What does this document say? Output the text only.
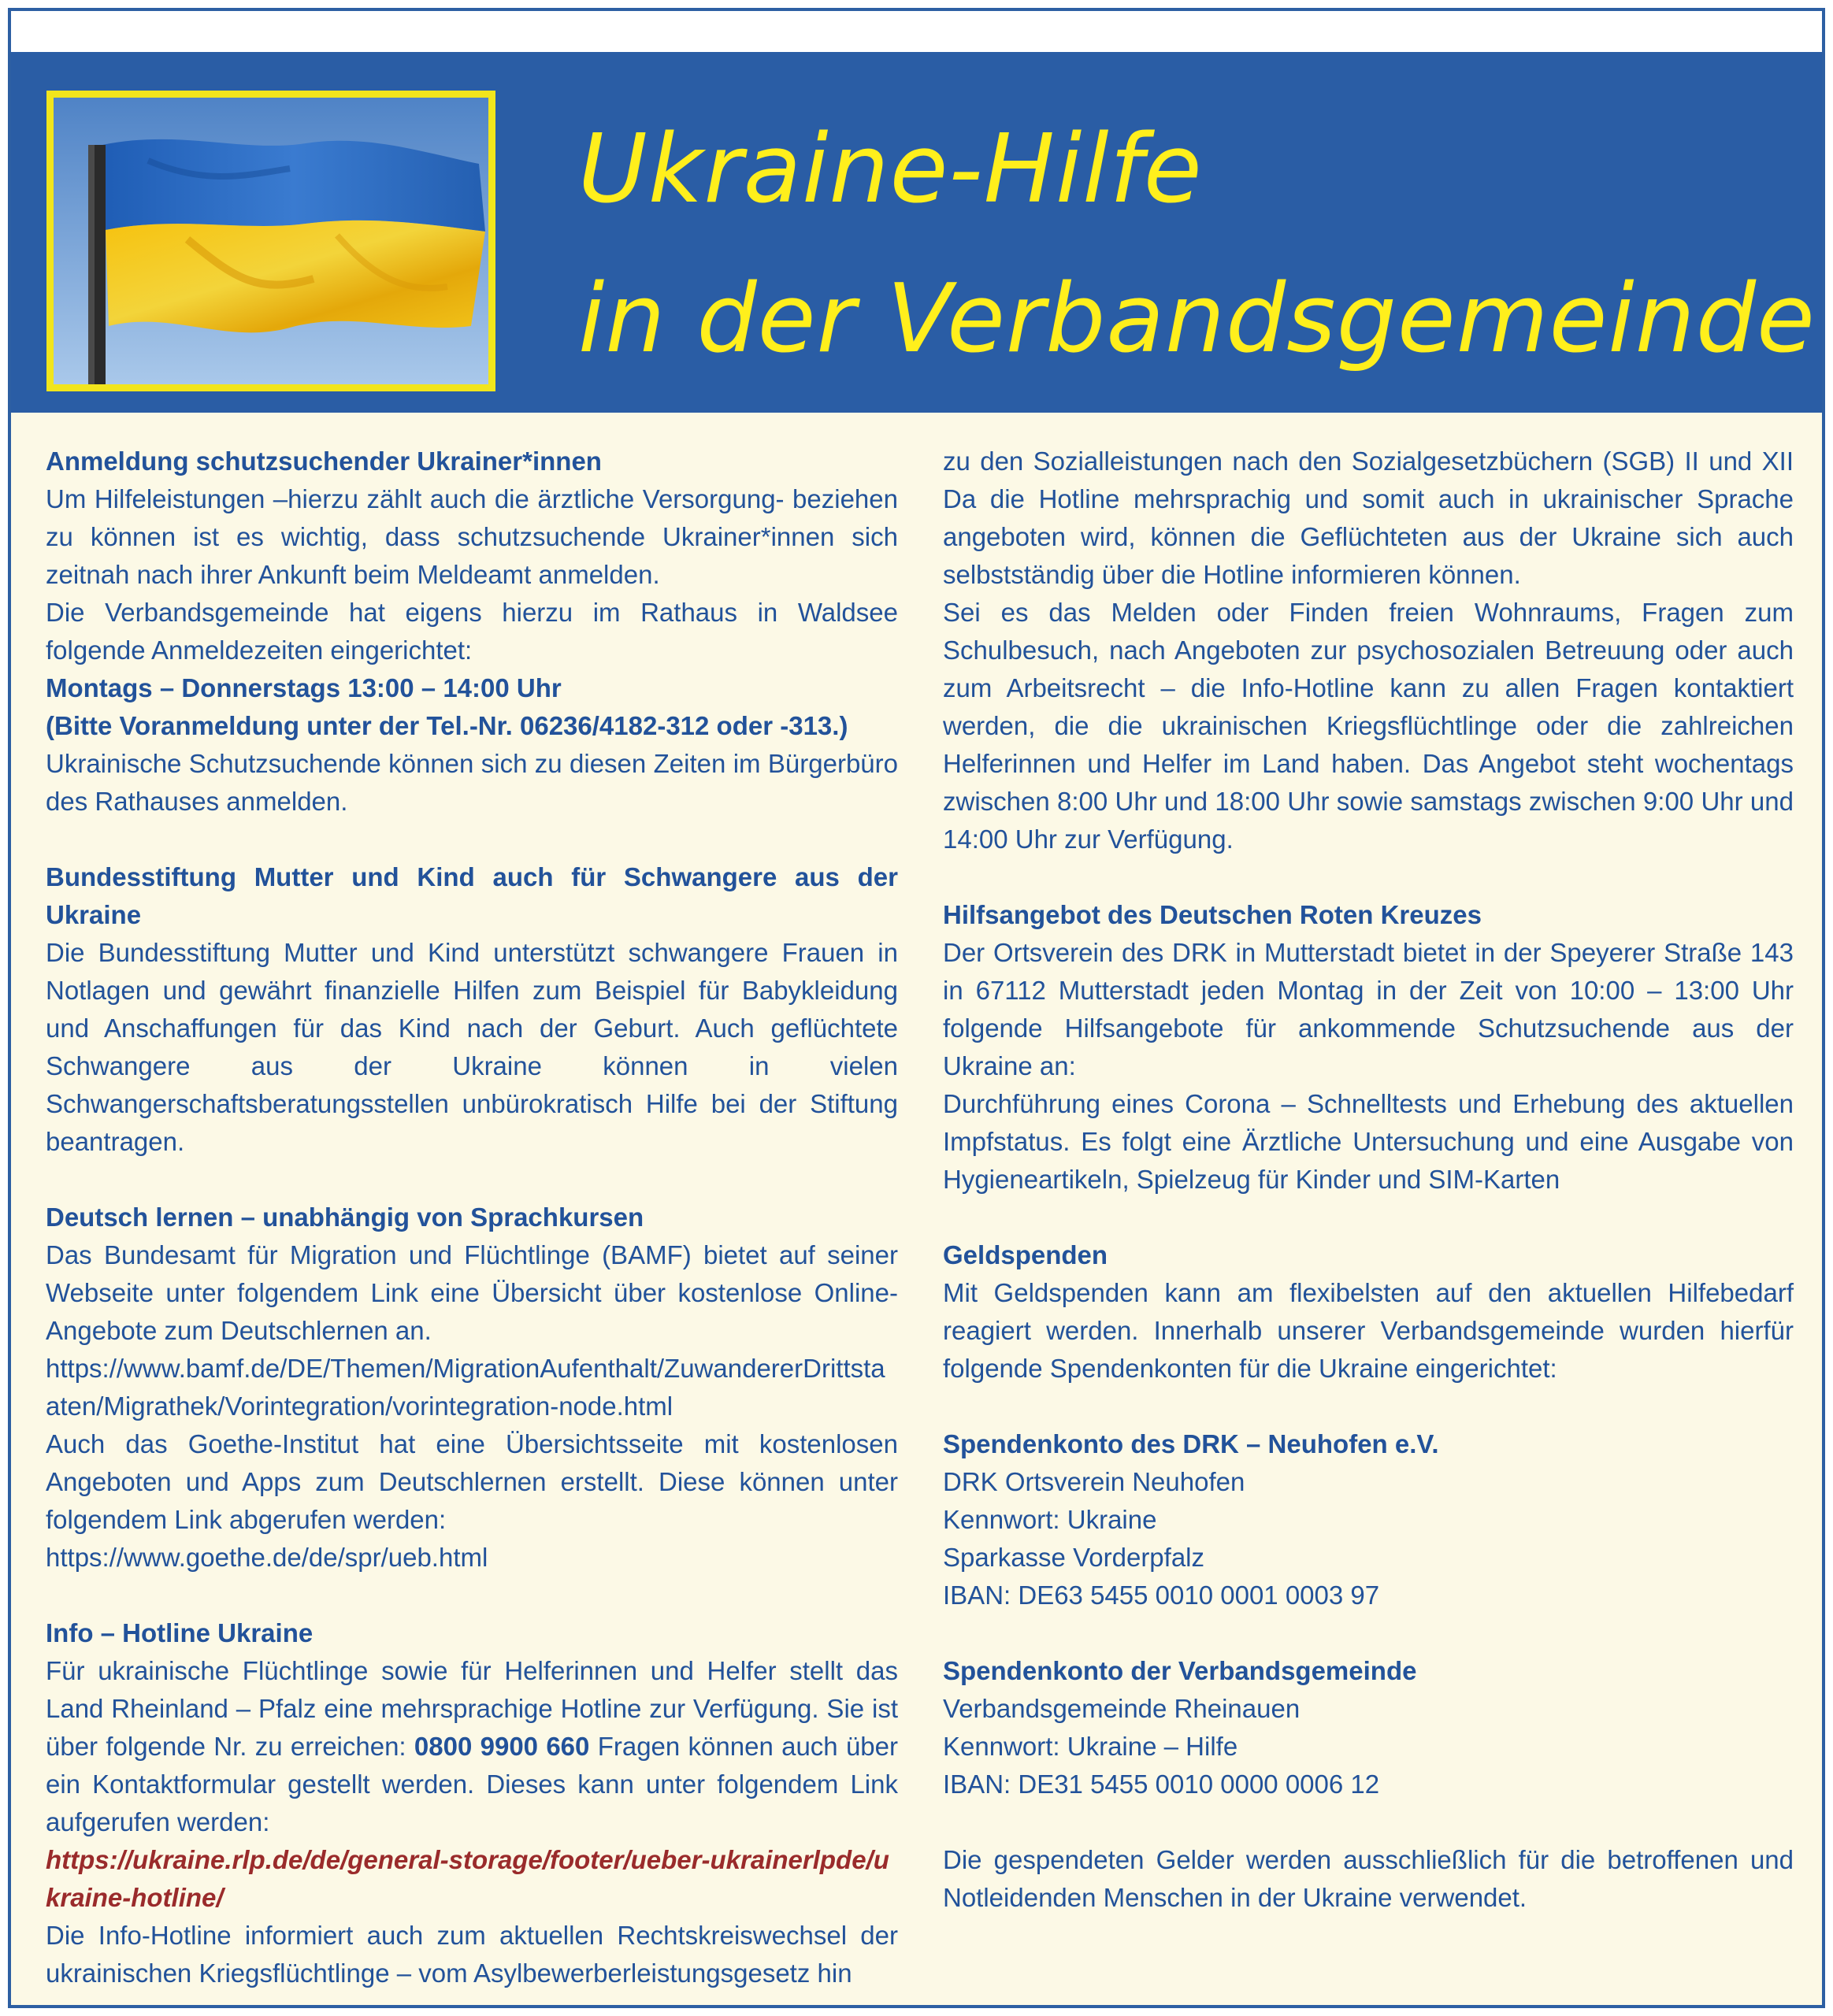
Ukraine-Hilfe
in der Verbandsgemeinde

Anmeldung schutzsuchender Ukrainer*innen

Um Hilfeleistungen –hierzu zählt auch die ärztliche Versorgung- beziehen zu können ist es wichtig, dass schutzsuchende Ukrainer*innen sich zeitnah nach ihrer Ankunft beim Meldeamt anmelden.

Die Verbandsgemeinde hat eigens hierzu im Rathaus in Waldsee folgende Anmeldezeiten eingerichtet:

Montags – Donnerstags 13:00 – 14:00 Uhr

(Bitte Voranmeldung unter der Tel.-Nr. 06236/4182-312 oder -313.)

Ukrainische Schutzsuchende können sich zu diesen Zeiten im Bürgerbüro des Rathauses anmelden.

Bundesstiftung Mutter und Kind auch für Schwangere aus der Ukraine

Die Bundesstiftung Mutter und Kind unterstützt schwangere Frauen in Notlagen und gewährt finanzielle Hilfen zum Beispiel für Babykleidung und Anschaffungen für das Kind nach der Geburt. Auch geflüchtete Schwangere aus der Ukraine können in vielen Schwangerschaftsberatungsstellen unbürokratisch Hilfe bei der Stiftung beantragen.

Deutsch lernen – unabhängig von Sprachkursen

Das Bundesamt für Migration und Flüchtlinge (BAMF) bietet auf seiner Webseite unter folgendem Link eine Übersicht über kostenlose Online-Angebote zum Deutschlernen an.

https://www.bamf.de/DE/Themen/MigrationAufenthalt/ZuwandererDrittstaaten/Migrathek/Vorintegration/vorintegration-node.html

Auch das Goethe-Institut hat eine Übersichtsseite mit kostenlosen Angeboten und Apps zum Deutschlernen erstellt. Diese können unter folgendem Link abgerufen werden:

https://www.goethe.de/de/spr/ueb.html

Info – Hotline Ukraine

Für ukrainische Flüchtlinge sowie für Helferinnen und Helfer stellt das Land Rheinland – Pfalz eine mehrsprachige Hotline zur Verfügung. Sie ist über folgende Nr. zu erreichen: 0800 9900 660 Fragen können auch über ein Kontaktformular gestellt werden. Dieses kann unter folgendem Link aufgerufen werden:

https://ukraine.rlp.de/de/general-storage/footer/ueber-ukrainerlpde/ukraine-hotline/

Die Info-Hotline informiert auch zum aktuellen Rechtskreiswechsel der ukrainischen Kriegsflüchtlinge – vom Asylbewerberleistungsgesetz hin

zu den Sozialleistungen nach den Sozialgesetzbüchern (SGB) II und XII Da die Hotline mehrsprachig und somit auch in ukrainischer Sprache angeboten wird, können die Geflüchteten aus der Ukraine sich auch selbstständig über die Hotline informieren können.

Sei es das Melden oder Finden freien Wohnraums, Fragen zum Schulbesuch, nach Angeboten zur psychosozialen Betreuung oder auch zum Arbeitsrecht – die Info-Hotline kann zu allen Fragen kontaktiert werden, die die ukrainischen Kriegsflüchtlinge oder die zahlreichen Helferinnen und Helfer im Land haben. Das Angebot steht wochentags zwischen 8:00 Uhr und 18:00 Uhr sowie samstags zwischen 9:00 Uhr und 14:00 Uhr zur Verfügung.

Hilfsangebot des Deutschen Roten Kreuzes

Der Ortsverein des DRK in Mutterstadt bietet in der Speyerer Straße 143 in 67112 Mutterstadt jeden Montag in der Zeit von 10:00 – 13:00 Uhr folgende Hilfsangebote für ankommende Schutzsuchende aus der Ukraine an:

Durchführung eines Corona – Schnelltests und Erhebung des aktuellen Impfstatus. Es folgt eine Ärztliche Untersuchung und eine Ausgabe von Hygieneartikeln, Spielzeug für Kinder und SIM-Karten

Geldspenden

Mit Geldspenden kann am flexibelsten auf den aktuellen Hilfebedarf reagiert werden. Innerhalb unserer Verbandsgemeinde wurden hierfür folgende Spendenkonten für die Ukraine eingerichtet:

Spendenkonto des DRK – Neuhofen e.V.

DRK Ortsverein Neuhofen

Kennwort: Ukraine

Sparkasse Vorderpfalz

IBAN: DE63 5455 0010 0001 0003 97

Spendenkonto der Verbandsgemeinde

Verbandsgemeinde Rheinauen

Kennwort: Ukraine – Hilfe

IBAN: DE31 5455 0010 0000 0006 12

Die gespendeten Gelder werden ausschließlich für die betroffenen und Notleidenden Menschen in der Ukraine verwendet.
